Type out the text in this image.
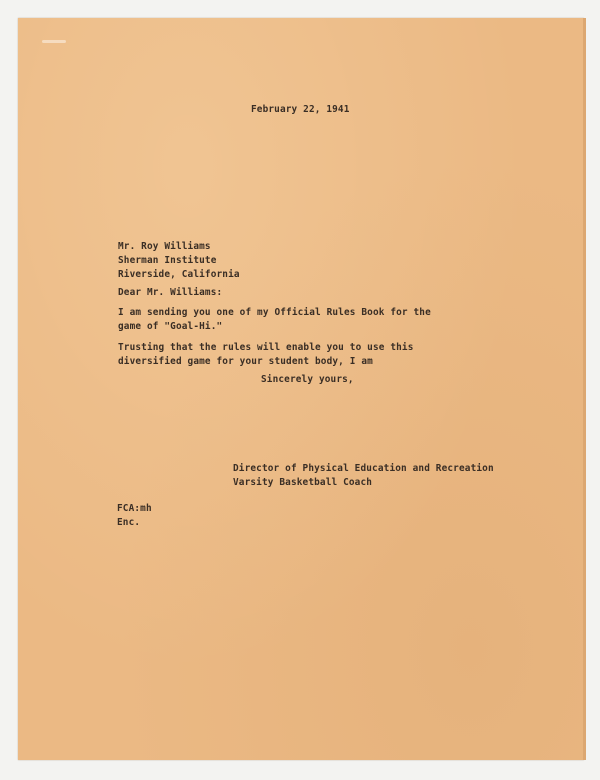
February 22, 1941
Mr. Roy Williams
Sherman Institute
Riverside, California
Dear Mr. Williams:
I am sending you one of my Official Rules Book for the
game of "Goal-Hi."
Trusting that the rules will enable you to use this
diversified game for your student body, I am
Sincerely yours,
Director of Physical Education and Recreation
Varsity Basketball Coach
FCA:mh
Enc.
